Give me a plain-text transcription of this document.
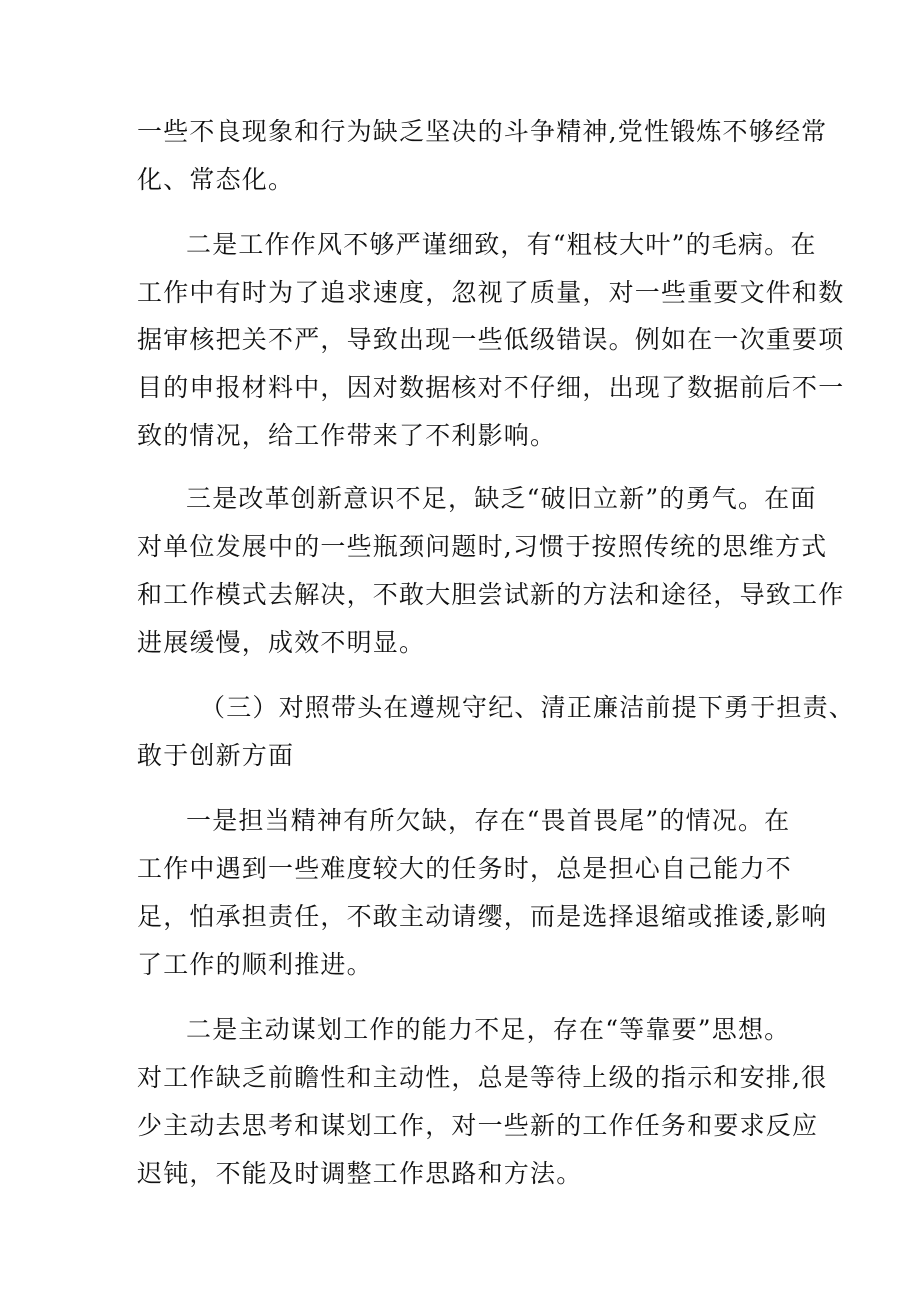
一些不良现象和行为缺乏坚决的斗争精神,党性锻炼不够经常

化、常态化。

二是工作作风不够严谨细致，有“粗枝大叶”的毛病。在

工作中有时为了追求速度，忽视了质量，对一些重要文件和数

据审核把关不严，导致出现一些低级错误。例如在一次重要项

目的申报材料中，因对数据核对不仔细，出现了数据前后不一

致的情况，给工作带来了不利影响。

三是改革创新意识不足，缺乏“破旧立新”的勇气。在面

对单位发展中的一些瓶颈问题时,习惯于按照传统的思维方式

和工作模式去解决，不敢大胆尝试新的方法和途径，导致工作

进展缓慢，成效不明显。

（三）对照带头在遵规守纪、清正廉洁前提下勇于担责、

敢于创新方面

一是担当精神有所欠缺，存在“畏首畏尾”的情况。在

工作中遇到一些难度较大的任务时，总是担心自己能力不

足，怕承担责任，不敢主动请缨，而是选择退缩或推诿,影响

了工作的顺利推进。

二是主动谋划工作的能力不足，存在“等靠要”思想。

对工作缺乏前瞻性和主动性，总是等待上级的指示和安排,很

少主动去思考和谋划工作，对一些新的工作任务和要求反应

迟钝，不能及时调整工作思路和方法。
